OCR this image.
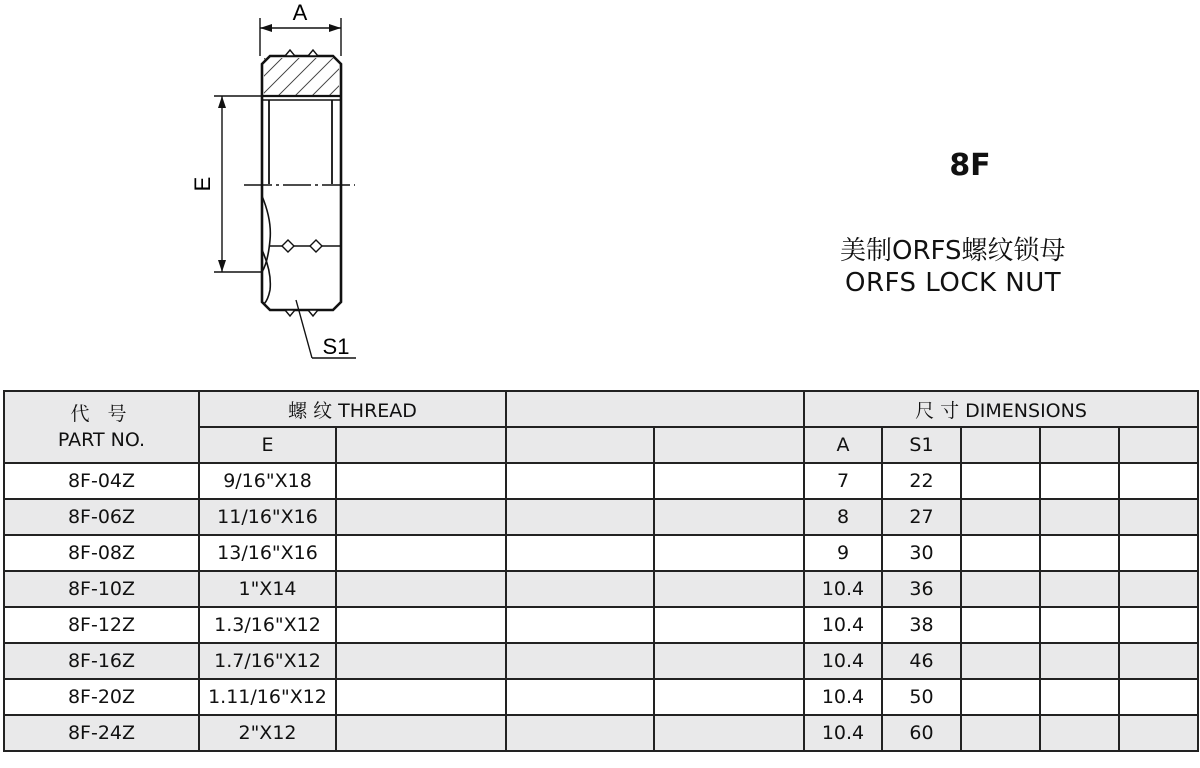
A
E
S1
8F
美制ORFS螺纹锁母
ORFS LOCK NUT
代 号
PART NO.	螺 纹 THREAD				尺 寸 DIMENSIONS				
	E				A	S1			
8F-04Z	9/16"X18				7	22			
8F-06Z	11/16"X16				8	27			
8F-08Z	13/16"X16				9	30			
8F-10Z	1"X14				10.4	36			
8F-12Z	1.3/16"X12				10.4	38			
8F-16Z	1.7/16"X12				10.4	46			
8F-20Z	1.11/16"X12				10.4	50			
8F-24Z	2"X12				10.4	60			
